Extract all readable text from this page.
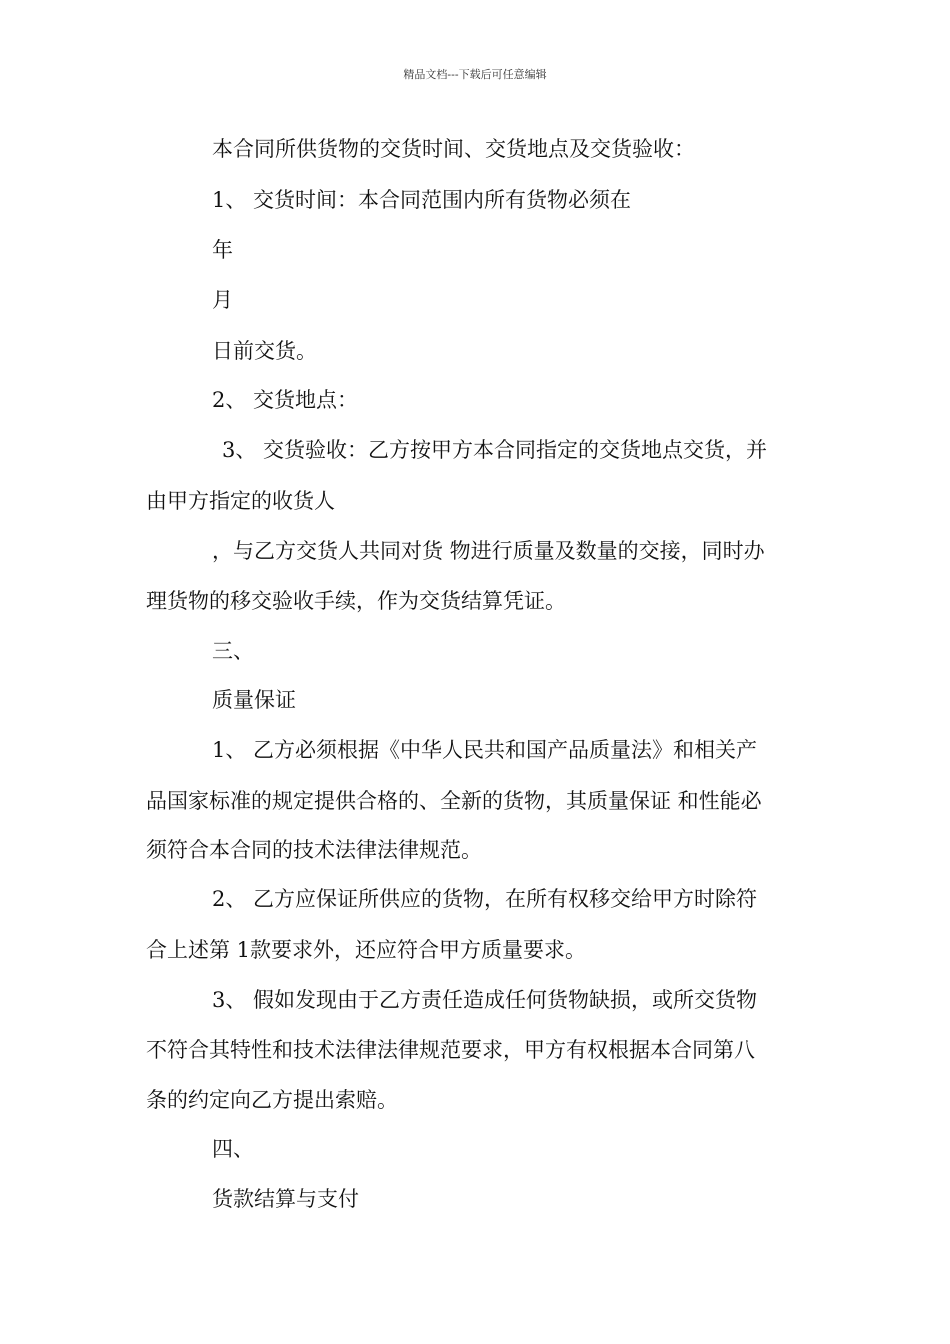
精品文档---下载后可任意编辑
本合同所供货物的交货时间、交货地点及交货验收：
1、 交货时间：本合同范围内所有货物必须在
年
月
日前交货。
2、 交货地点：
3、 交货验收：乙方按甲方本合同指定的交货地点交货，并
由甲方指定的收货人
，与乙方交货人共同对货 物进行质量及数量的交接，同时办
理货物的移交验收手续，作为交货结算凭证。
三、
质量保证
1、 乙方必须根据《中华人民共和国产品质量法》和相关产
品国家标准的规定提供合格的、全新的货物，其质量保证 和性能必
须符合本合同的技术法律法律规范。
2、 乙方应保证所供应的货物，在所有权移交给甲方时除符
合上述第 1款要求外，还应符合甲方质量要求。
3、 假如发现由于乙方责任造成任何货物缺损，或所交货物
不符合其特性和技术法律法律规范要求，甲方有权根据本合同第八
条的约定向乙方提出索赔。
四、
货款结算与支付
